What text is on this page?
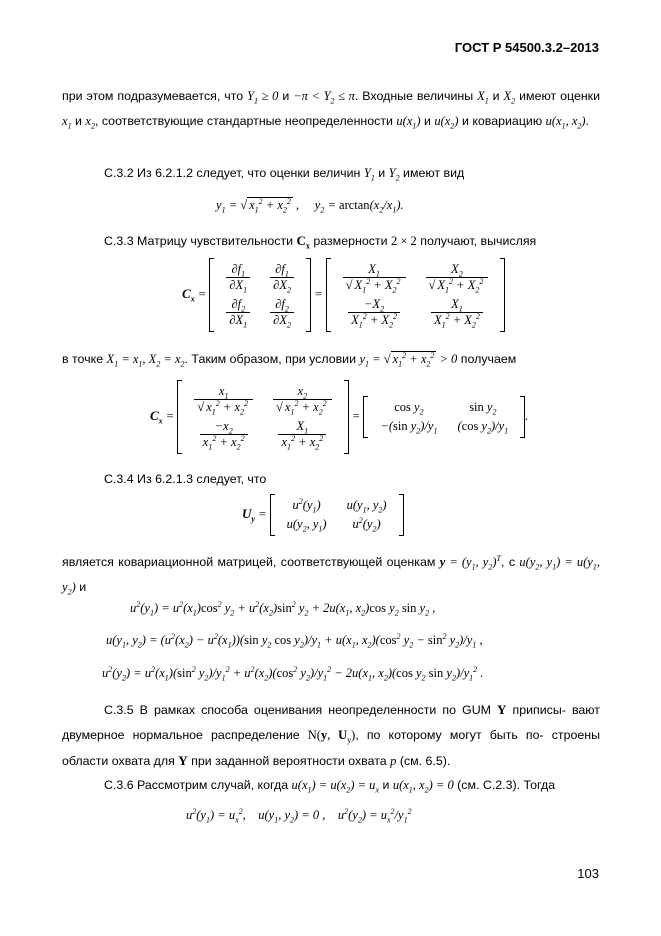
ГОСТ Р 54500.3.2–2013
при этом подразумевается, что $Y_1 \ge 0$ $и -\pi < Y_2 \le \pi$. Входные величины $X_1$ и $X_2$ имеют оценки $x_1$ и $x_2$, соответствующие стандартные неопределенности $u(x_1)$ и $u(x_2)$ и ковариацию $u(x_1$, $x_2$).
С.3.2 Из 6.2.1.2 следует, что оценки величин $Y_1$ и $Y_2$ имеют вид
$y_1$ = √ $x_1^2 + x_2^2$ ,     $y_2 = \arctan(x_2/x_1)$.
С.3.3 Матрицу чувствительности $C_x$ размерности 2 × 2 получают, вычисляя
$C_x$ =
$\frac{\partial f_1}{\partial X_1}$	$\frac{\partial f_1}{\partial X_2}$

$\frac{\partial f_2}{\partial X_1}$	$\frac{\partial f_2}{\partial X_2}$
=
$\frac{X_1}{√ X_1^2 + X_2^2}$	$\frac{X_2}{√ X_1^2 + X_2^2}$

$\frac{-X_2}{X_1^2 + X_2^2}$	$\frac{X_1}{X_1^2 + X_2^2}$
в точке $X_1 = x_1$, $X_2 = x_2$. Таким образом, при условии $y_1$ = √ $x_1^2 + x_2^2 > 0$ получаем
$C_x$ =
$\frac{x_1}{√ x_1^2 + x_2^2}$	$\frac{x_2}{√ x_1^2 + x_2^2}$

$\frac{-x_2}{x_1^2 + x_2^2}$	$\frac{X_1}{x_1^2 + x_2^2}$
=
$\cos y_2$	$\sin y_2$
−(sin $y_2)/y_1$	(cos $y_2)/y_1$
.
С.3.4 Из 6.2.1.3 следует, что
$U_y$ =
$u^2(y_1)$	$u(y_1$, $y_2$)
$u(y_2$, $y_1$)	$u^2(y_2)$
является ковариационной матрицей, соответствующей оценкам $y = (y_1$, $y_2)^T$, с $u(y_2$, $y_1) = u(y_1$, $y_2$) и
$u^2(y_1) = u^2(x_1)\cos^2$ $y_2 + u^2(x_2)\sin^2$ $y_2 + 2u(x_1$, $x_2)\cos$ $y_2$ $\sin y_2$ ,
$u(y_1$, $y_2) = (u^2(x_2) - u^2(x_1))(\sin$ $y_2$ $\cos y_2)/y_1 + u(x_1$, $x_2)(\cos^2$ $y_2 - \sin^2 y_2)/y_1$ ,
$u^2(y_2) = u^2(x_1)(\sin^2$ $y_2)/y_1^2 + u^2(x_2)(\cos^2$ $y_2)/y_1^2 - 2u(x_1$, $x_2)(\cos$ $y_2$ $\sin y_2)/y_1^2$ .
С.3.5 В рамках способа оценивания неопределенности по GUM Y приписы- вают двумерное нормальное распределение N(y, $U_y$), по которому могут быть по- строены области охвата для Y при заданной вероятности охвата p (см. 6.5).
С.3.6 Рассмотрим случай, когда $u(x_1) = u(x_2) = u_x$ и $u(x_1$, $x_2) = 0$ (см. С.2.3). Тогда
$u^2(y_1) = u_x^2$,    $u(y_1$, $y_2) = 0$ ,    $u^2(y_2) = u_x^2/y_1^2$
103
